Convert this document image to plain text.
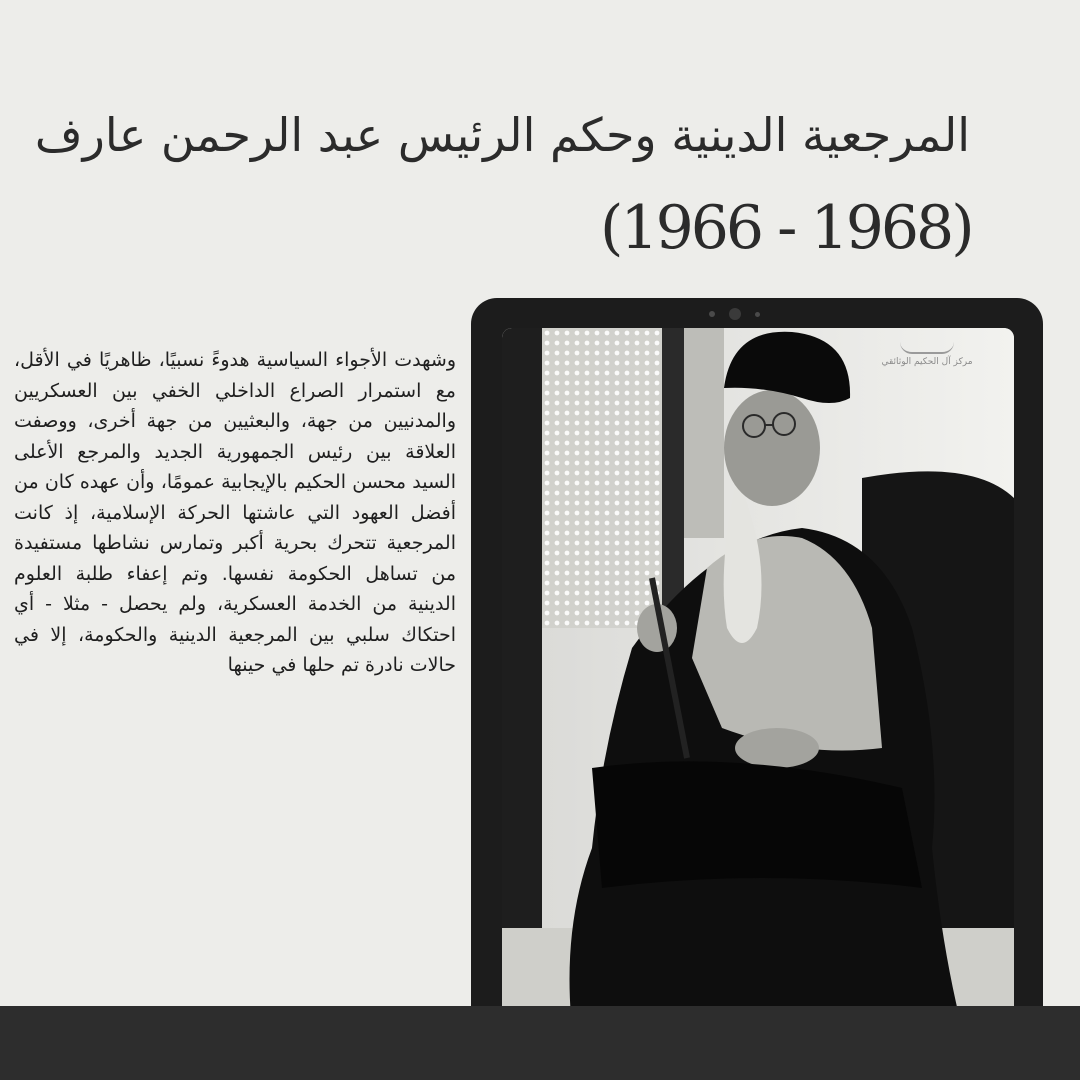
المرجعية الدينية وحكم الرئيس عبد الرحمن عارف
(1966 - 1968)

وشهدت الأجواء السياسية هدوءً نسبيًا، ظاهريًا في الأقل، مع استمرار الصراع الداخلي الخفي بين العسكريين والمدنيين من جهة، والبعثيين من جهة أخرى، ووصفت العلاقة بين رئيس الجمهورية الجديد والمرجع الأعلى السيد محسن الحكيم بالإيجابية عمومًا، وأن عهده كان من أفضل العهود التي عاشتها الحركة الإسلامية، إذ كانت المرجعية تتحرك بحرية أكبر وتمارس نشاطها مستفيدة من تساهل الحكومة نفسها. وتم إعفاء طلبة العلوم الدينية من الخدمة العسكرية، ولم يحصل - مثلا - أي احتكاك سلبي بين المرجعية الدينية والحكومة، إلا في حالات نادرة تم حلها في حينها

مركز آل الحكيم الوثائقي
